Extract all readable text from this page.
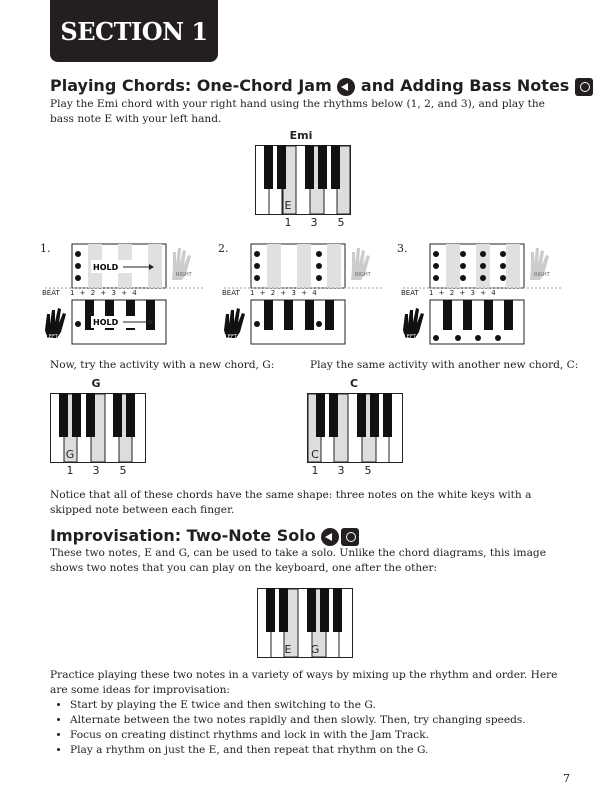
SECTION 1
Playing Chords: One-Chord Jam and Adding Bass Notes

Play the Emi chord with your right hand using the rhythms below (1, 2, and 3), and play the bass note E with your left hand.

Emi
E
1	3	5
1.	2.	3.
HOLD
RIGHT
HOLD
LEFT
BEAT 1 + 2 + 3 + 4
RIGHT
LEFT
BEAT 1 + 2 + 3 + 4
RIGHT
LEFT
BEAT 1 + 2 + 3 + 4

Now, try the activity with a new chord, G:	Play the same activity with another new chord, C:

G
G
1	3	5
C
C
1	3	5

Notice that all of these chords have the same shape: three notes on the white keys with a skipped note between each finger.

Improvisation: Two-Note Solo

These two notes, E and G, can be used to take a solo. Unlike the chord diagrams, this image shows two notes that you can play on the keyboard, one after the other:

E	G

Practice playing these two notes in a variety of ways by mixing up the rhythm and order. Here are some ideas for improvisation:

• Start by playing the E twice and then switching to the G.
• Alternate between the two notes rapidly and then slowly. Then, try changing speeds.
• Focus on creating distinct rhythms and lock in with the Jam Track.
• Play a rhythm on just the E, and then repeat that rhythm on the G.
7
